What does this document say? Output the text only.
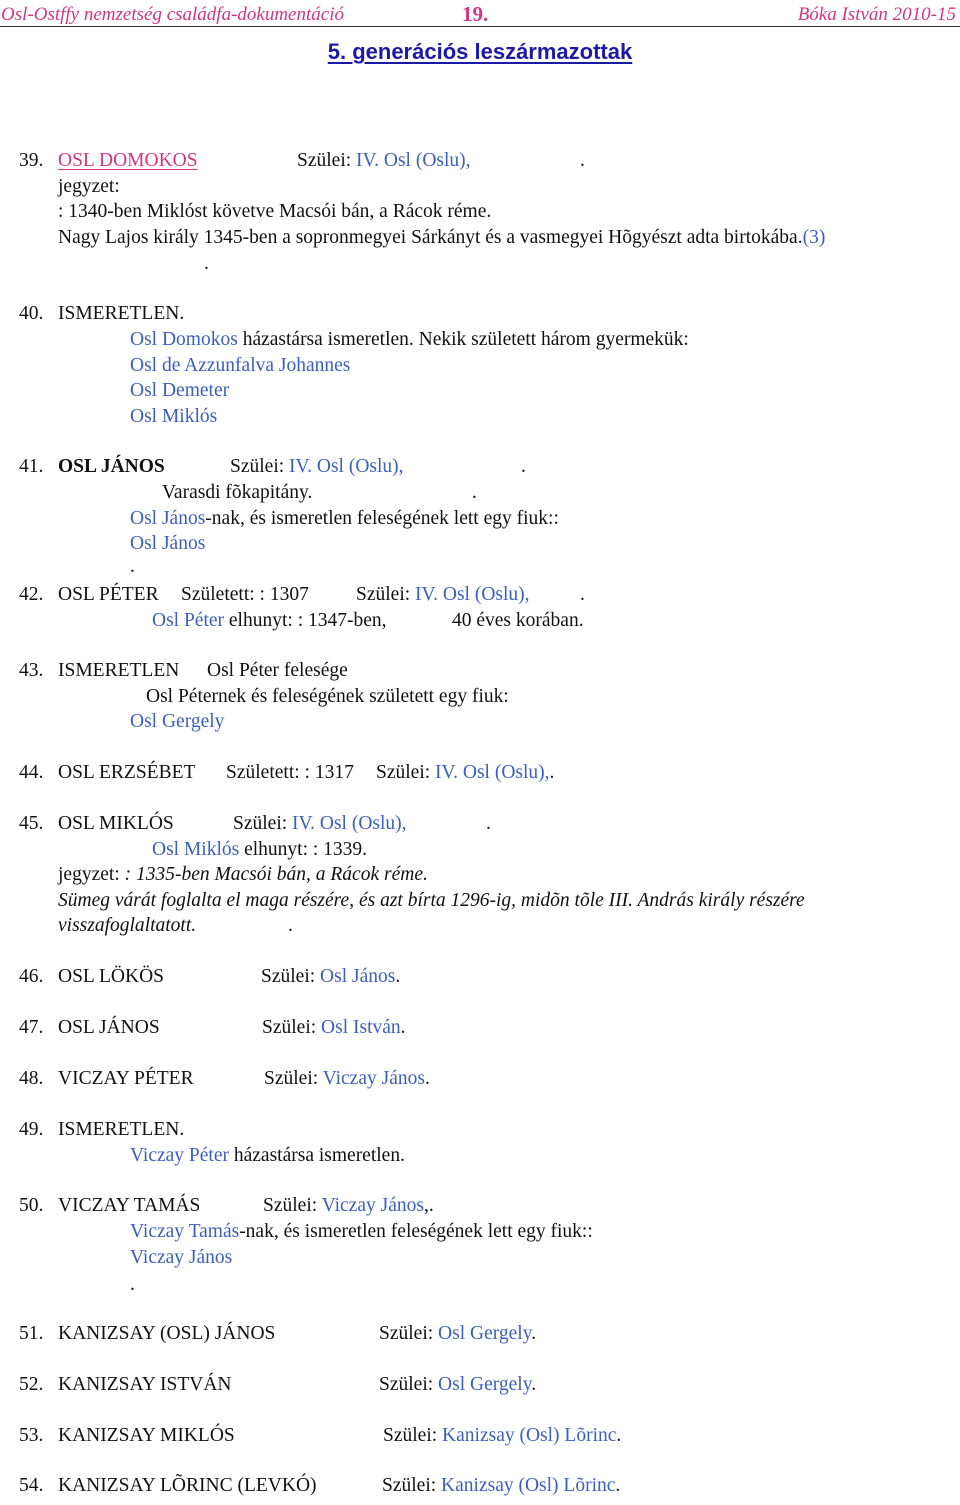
Osl-Ostffy nemzetség családfa-dokumentáció	19.	Bóka István 2010-15
5. generációs leszármazottak
39. OSL DOMOKOS	Szülei: IV. Osl (Oslu),	.
jegyzet:
: 1340-ben Miklóst követve Macsói bán, a Rácok réme.
Nagy Lajos király 1345-ben a sopronmegyei Sárkányt és a vasmegyei Hõgyészt adta birtokába.(3)
.
40. ISMERETLEN.
Osl Domokos házastársa ismeretlen. Nekik született három gyermekük:
Osl de Azzunfalva Johannes
Osl Demeter
Osl Miklós
41. OSL JÁNOS	Szülei: IV. Osl (Oslu),	.
Varasdi fõkapitány.	.
Osl János-nak, és ismeretlen feleségének lett egy fiuk::
Osl János
.
42. OSL PÉTER Született: : 1307 Szülei: IV. Osl (Oslu),	.
Osl Péter elhunyt: : 1347-ben,	40 éves korában.
43. ISMERETLEN Osl Péter felesége
Osl Péternek és feleségének született egy fiuk:
Osl Gergely
44. OSL ERZSÉBET Született: : 1317 Szülei: IV. Osl (Oslu),.
45. OSL MIKLÓS	Szülei: IV. Osl (Oslu),	.
Osl Miklós elhunyt: : 1339.
jegyzet: : 1335-ben Macsói bán, a Rácok réme.
Sümeg várát foglalta el maga részére, és azt bírta 1296-ig, midõn tõle III. András király részére
visszafoglaltatott.	.
46. OSL LÖKÖS	Szülei: Osl János.
47. OSL JÁNOS	Szülei: Osl István.
48. VICZAY PÉTER	Szülei: Viczay János.
49. ISMERETLEN.
Viczay Péter házastársa ismeretlen.
50. VICZAY TAMÁS	Szülei: Viczay János,.
Viczay Tamás-nak, és ismeretlen feleségének lett egy fiuk::
Viczay János
.
51. KANIZSAY (OSL) JÁNOS	Szülei: Osl Gergely.
52. KANIZSAY ISTVÁN	Szülei: Osl Gergely.
53. KANIZSAY MIKLÓS	Szülei: Kanizsay (Osl) Lõrinc.
54. KANIZSAY LÕRINC (LEVKÓ)	Szülei: Kanizsay (Osl) Lõrinc.
